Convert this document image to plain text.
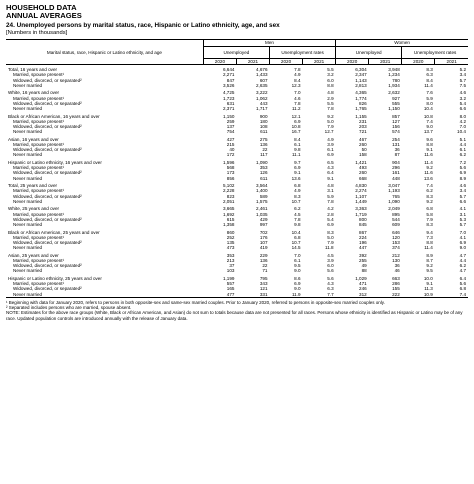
HOUSEHOLD DATA
ANNUAL AVERAGES
24. Unemployed persons by marital status, race, Hispanic or Latino ethnicity, age, and sex
[Numbers in thousands]
Marital status, race, Hispanic or Latino ethnicity, and age	Men				Women			
	Unemployed		Unemployment rates		Unemployed		Unemployment rates	
	2020	2021	2020	2021	2020	2021	2020	2021

Total, 16 years and over	6,644	4,676	7.8	5.5	6,304	3,948	8.3	5.2
Married, spouse present¹	2,271	1,433	4.9	3.2	2,347	1,234	6.3	3.4
Widowed, divorced, or separated²	847	607	8.4	6.0	1,143	780	8.4	5.7
Never married	3,526	2,635	12.3	8.8	2,813	1,934	11.4	7.5

White, 16 years and over	4,725	3,222	7.0	4.8	4,365	2,632	7.6	4.6
Married, spouse present¹	1,723	1,062	4.6	2.9	1,774	927	5.9	3.2
Widowed, divorced, or separated²	631	443	7.8	5.5	826	555	8.0	5.4
Never married	2,371	1,717	11.2	7.8	1,765	1,150	10.4	6.6

Black or African American, 16 years and over	1,150	900	12.1	9.2	1,155	857	10.8	8.0
Married, spouse present¹	259	180	6.9	5.0	231	127	7.4	4.2
Widowed, divorced, or separated²	137	108	10.8	7.9	203	156	9.0	7.0
Never married	754	611	16.7	12.7	721	574	13.7	10.4

Asian, 16 years and over	427	275	8.4	4.9	467	254	9.6	5.1
Married, spouse present¹	215	136	6.1	3.9	260	131	8.8	4.4
Widowed, divorced, or separated²	40	22	9.8	6.1	50	36	9.1	6.1
Never married	172	117	11.1	6.9	158	87	11.6	6.2

Hispanic or Latino ethnicity, 16 years and over	1,596	1,090	9.7	6.5	1,421	904	11.4	7.2
Married, spouse present¹	568	353	6.9	4.3	493	296	9.2	5.6
Widowed, divorced, or separated²	173	126	9.1	6.4	260	161	11.6	6.9
Never married	856	611	13.6	9.1	668	448	13.6	8.9

Total, 25 years and over	5,102	3,564	6.8	4.8	4,830	3,047	7.4	4.6
Married, spouse present¹	2,228	1,400	4.9	3.1	2,274	1,193	6.2	3.4
Widowed, divorced, or separated²	823	589	8.3	5.9	1,107	765	8.3	5.7
Never married	2,051	1,575	10.7	7.8	1,449	1,090	9.2	6.6

White, 25 years and over	3,665	2,461	6.2	4.2	3,363	2,049	6.8	4.1
Married, spouse present¹	1,692	1,035	4.5	2.8	1,719	895	5.8	3.1
Widowed, divorced, or separated²	615	429	7.8	5.4	800	544	7.9	5.3
Never married	1,358	997	9.8	6.9	845	609	8.3	5.7

Black or African American, 25 years and over	860	702	10.4	8.3	867	646	9.4	7.0
Married, spouse present¹	252	176	6.8	5.0	224	120	7.3	4.1
Widowed, divorced, or separated²	135	107	10.7	7.9	196	153	8.8	6.9
Never married	473	419	14.5	11.8	447	374	11.4	9.0

Asian, 25 years and over	353	229	7.0	4.5	392	212	8.9	4.7
Married, spouse present¹	213	136	6.1	3.9	255	130	8.7	4.4
Widowed, divorced, or separated²	37	22	9.5	6.0	49	36	9.2	6.2
Never married	103	71	9.0	5.6	88	46	9.5	4.7

Hispanic or Latino ethnicity, 25 years and over	1,199	795	8.6	5.6	1,029	663	10.0	6.4
Married, spouse present¹	557	343	6.9	4.3	471	286	9.1	5.6
Widowed, divorced, or separated²	165	121	9.0	6.3	246	155	11.3	6.8
Never married	477	331	11.9	7.7	312	222	10.9	7.4

¹ Beginning with data for January 2020, refers to persons in both opposite-sex and same-sex married couples. Prior to January 2020, referred to persons in opposite-sex married couples only.

² Separated includes persons who are married, spouse absent.

NOTE: Estimates for the above race groups (White, Black or African American, and Asian) do not sum to totals because data are not presented for all races. Persons whose ethnicity is identified as Hispanic or Latino may be of any race. Updated population controls are introduced annually with the release of January data.
